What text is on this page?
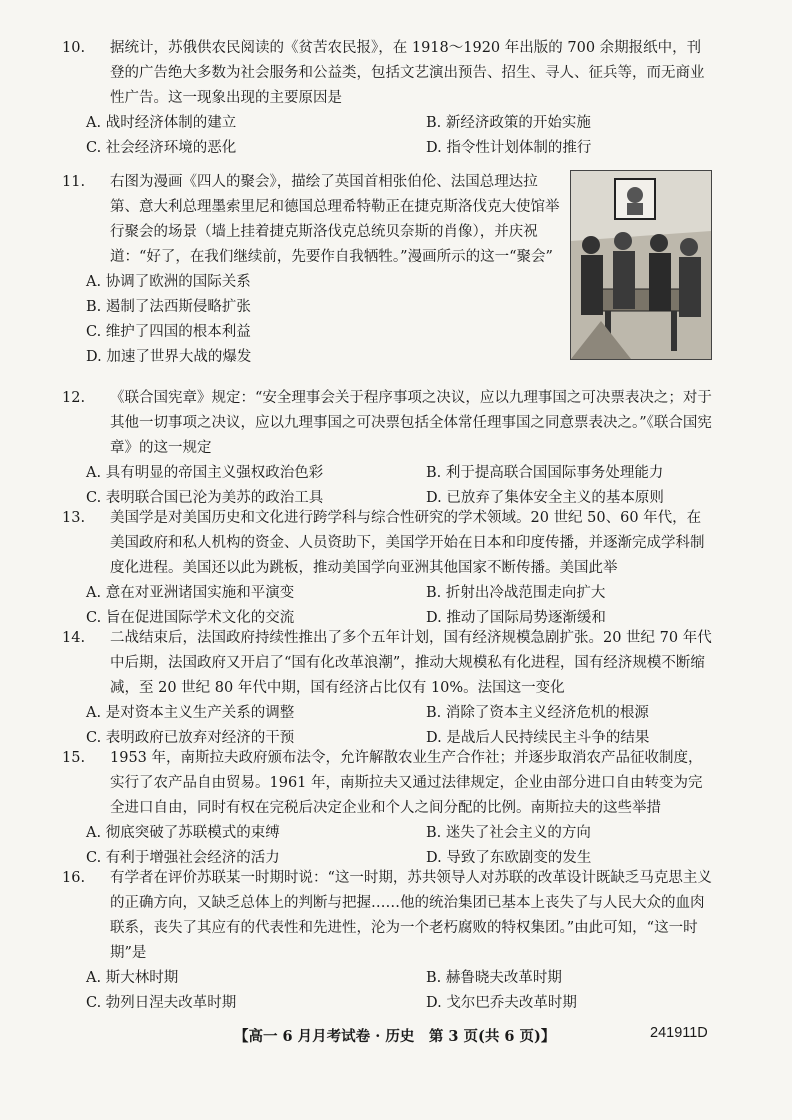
10. 据统计，苏俄供农民阅读的《贫苦农民报》，在 1918～1920 年出版的 700 余期报纸中，刊登的广告绝大多数为社会服务和公益类，包括文艺演出预告、招生、寻人、征兵等，而无商业性广告。这一现象出现的主要原因是

A. 战时经济体制的建立	B. 新经济政策的开始实施
C. 社会经济环境的恶化	D. 指令性计划体制的推行

11. 右图为漫画《四人的聚会》，描绘了英国首相张伯伦、法国总理达拉第、意大利总理墨索里尼和德国总理希特勒正在捷克斯洛伐克大使馆举行聚会的场景（墙上挂着捷克斯洛伐克总统贝奈斯的肖像），并庆祝道：“好了，在我们继续前，先要作自我牺牲。”漫画所示的这一“聚会”

A. 协调了欧洲的国际关系
B. 遏制了法西斯侵略扩张
C. 维护了四国的根本利益
D. 加速了世界大战的爆发

12. 《联合国宪章》规定：“安全理事会关于程序事项之决议，应以九理事国之可决票表决之；对于其他一切事项之决议，应以九理事国之可决票包括全体常任理事国之同意票表决之。”《联合国宪章》的这一规定

A. 具有明显的帝国主义强权政治色彩	B. 利于提高联合国国际事务处理能力
C. 表明联合国已沦为美苏的政治工具	D. 已放弃了集体安全主义的基本原则

13. 美国学是对美国历史和文化进行跨学科与综合性研究的学术领域。20 世纪 50、60 年代，在美国政府和私人机构的资金、人员资助下，美国学开始在日本和印度传播，并逐渐完成学科制度化进程。美国还以此为跳板，推动美国学向亚洲其他国家不断传播。美国此举

A. 意在对亚洲诸国实施和平演变	B. 折射出冷战范围走向扩大
C. 旨在促进国际学术文化的交流	D. 推动了国际局势逐渐缓和

14. 二战结束后，法国政府持续性推出了多个五年计划，国有经济规模急剧扩张。20 世纪 70 年代中后期，法国政府又开启了“国有化改革浪潮”，推动大规模私有化进程，国有经济规模不断缩减，至 20 世纪 80 年代中期，国有经济占比仅有 10%。法国这一变化

A. 是对资本主义生产关系的调整	B. 消除了资本主义经济危机的根源
C. 表明政府已放弃对经济的干预	D. 是战后人民持续民主斗争的结果

15. 1953 年，南斯拉夫政府颁布法令，允许解散农业生产合作社；并逐步取消农产品征收制度，实行了农产品自由贸易。1961 年，南斯拉夫又通过法律规定，企业由部分进口自由转变为完全进口自由，同时有权在完税后决定企业和个人之间分配的比例。南斯拉夫的这些举措

A. 彻底突破了苏联模式的束缚	B. 迷失了社会主义的方向
C. 有利于增强社会经济的活力	D. 导致了东欧剧变的发生

16. 有学者在评价苏联某一时期时说：“这一时期，苏共领导人对苏联的改革设计既缺乏马克思主义的正确方向，又缺乏总体上的判断与把握……他的统治集团已基本上丧失了与人民大众的血肉联系，丧失了其应有的代表性和先进性，沦为一个老朽腐败的特权集团。”由此可知，“这一时期”是

A. 斯大林时期	B. 赫鲁晓夫改革时期
C. 勃列日涅夫改革时期	D. 戈尔巴乔夫改革时期
【高一 6 月月考试卷 · 历史　第 3 页(共 6 页)】	241911D
